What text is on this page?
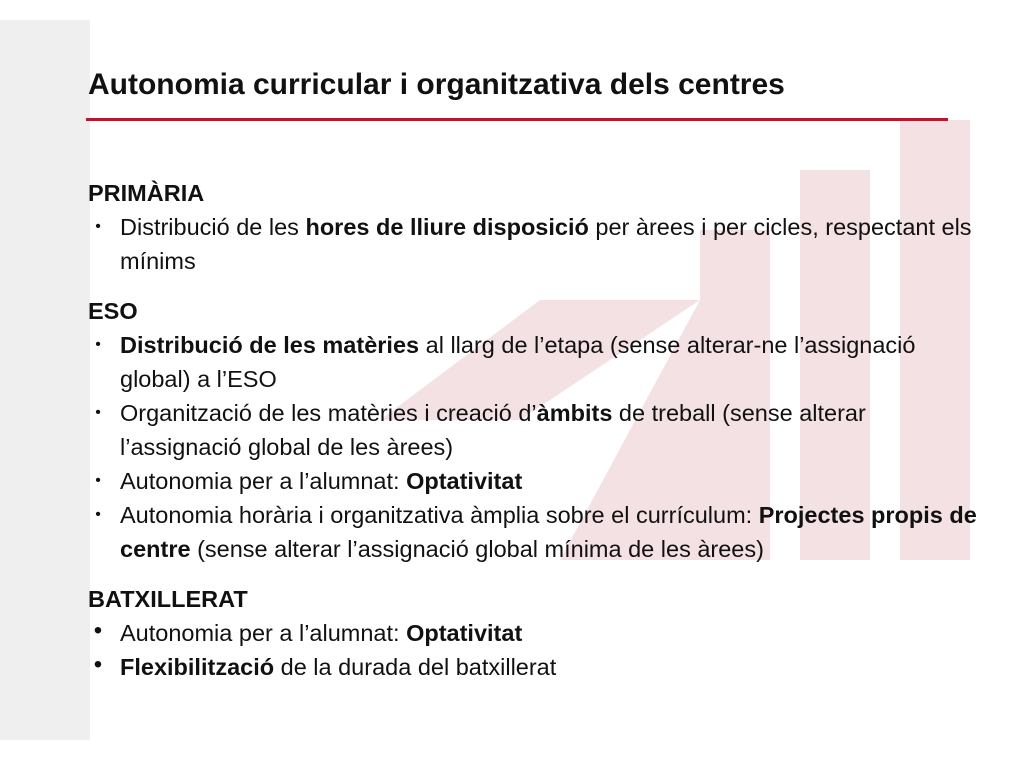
Autonomia curricular i organitzativa dels centres

PRIMÀRIA

• Distribució de les hores de lliure disposició per àrees i per cicles, respectant els mínims

ESO

• Distribució de les matèries al llarg de l’etapa (sense alterar-ne l’assignació global) a l’ESO
• Organització de les matèries i creació d’àmbits de treball (sense alterar l’assignació global de les àrees)
• Autonomia per a l’alumnat: Optativitat
• Autonomia horària i organitzativa àmplia sobre el currículum: Projectes propis de centre (sense alterar l’assignació global mínima de les àrees)

BATXILLERAT

• Autonomia per a l’alumnat: Optativitat
• Flexibilització de la durada del batxillerat
